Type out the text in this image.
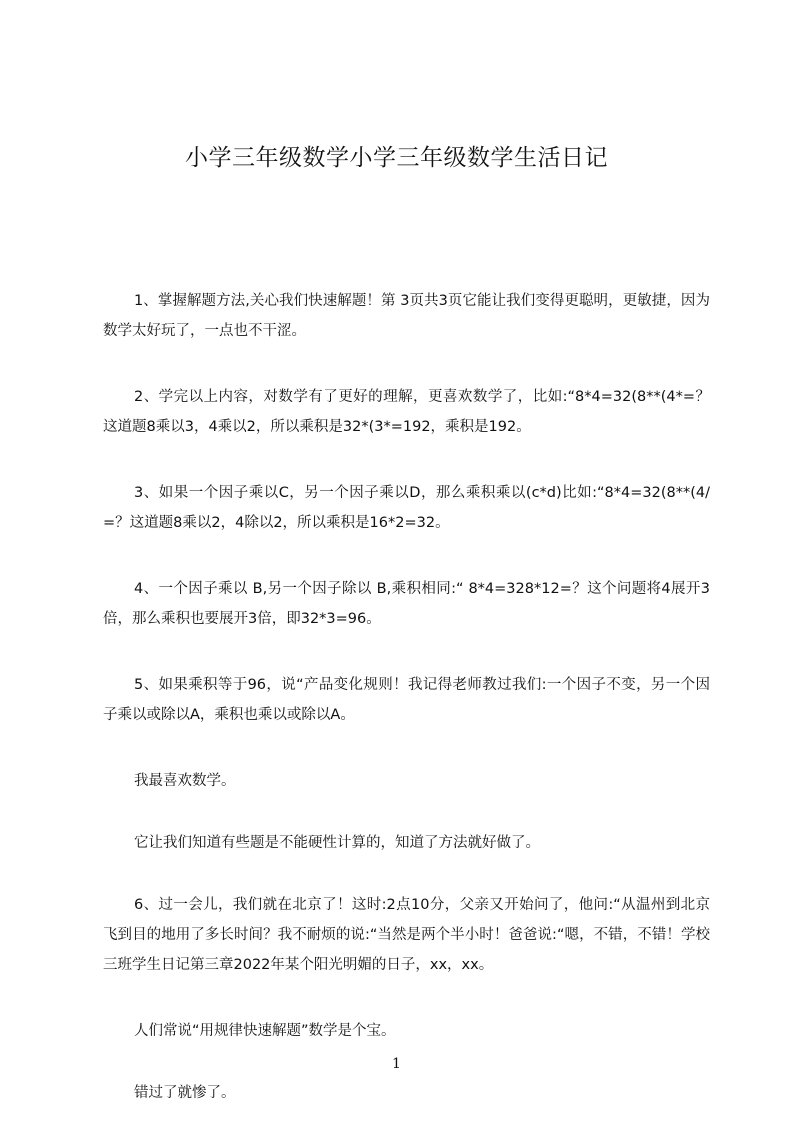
小学三年级数学小学三年级数学生活日记

1、掌握解题方法,关心我们快速解题！第 3页共3页它能让我们变得更聪明，更敏捷，因为数学太好玩了，一点也不干涩。

2、学完以上内容，对数学有了更好的理解，更喜欢数学了，比如:“8*4=32(8**(4*=？这道题8乘以3，4乘以2，所以乘积是32*(3*=192，乘积是192。

3、如果一个因子乘以C，另一个因子乘以D，那么乘积乘以(c*d)比如:“8*4=32(8**(4/=？这道题8乘以2，4除以2，所以乘积是16*2=32。

4、一个因子乘以 B,另一个因子除以 B,乘积相同:“ 8*4=328*12=？这个问题将4展开3倍，那么乘积也要展开3倍，即32*3=96。

5、如果乘积等于96，说“产品变化规则！我记得老师教过我们:一个因子不变，另一个因子乘以或除以A，乘积也乘以或除以A。

我最喜欢数学。

它让我们知道有些题是不能硬性计算的，知道了方法就好做了。

6、过一会儿，我们就在北京了！这时:2点10分，父亲又开始问了，他问:“从温州到北京飞到目的地用了多长时间？我不耐烦的说:“当然是两个半小时！爸爸说:“嗯，不错，不错！学校三班学生日记第三章2022年某个阳光明媚的日子，xx，xx。

人们常说“用规律快速解题”数学是个宝。

错过了就惨了。

1
